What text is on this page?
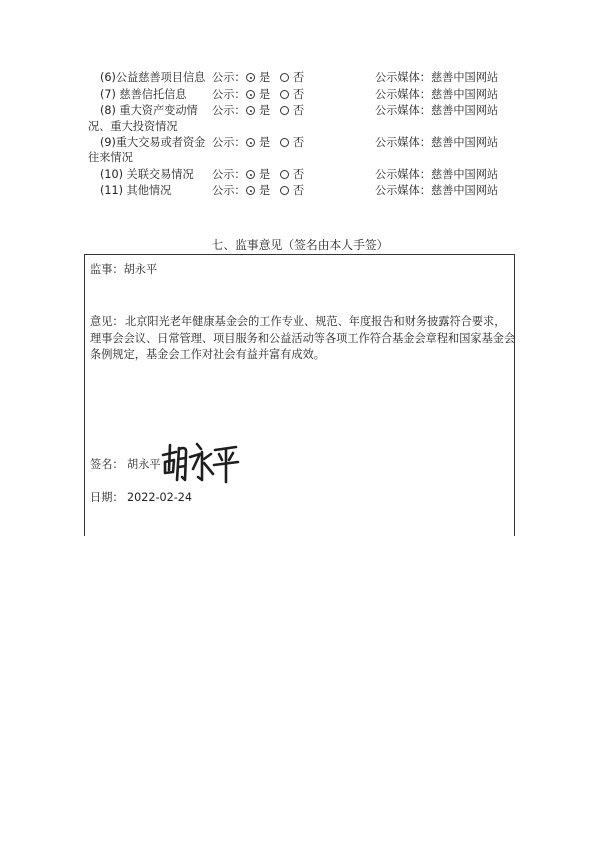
(6)公益慈善项目信息 公示： 是 否	公示媒体：慈善中国网站
(7) 慈善信托信息 公示： 是 否	公示媒体：慈善中国网站
(8) 重大资产变动情 公示： 是 否	公示媒体：慈善中国网站
况、重大投资情况
(9)重大交易或者资金 公示： 是 否	公示媒体：慈善中国网站
往来情况
(10) 关联交易情况 公示： 是 否	公示媒体：慈善中国网站
(11) 其他情况	公示： 是 否	公示媒体：慈善中国网站
七、监事意见（签名由本人手签）
监事：胡永平
意见： 北京阳光老年健康基金会的工作专业、规范、年度报告和财务披露符合要求，
理事会会议、日常管理、项目服务和公益活动等各项工作符合基金会章程和国家基金会
条例规定，基金会工作对社会有益并富有成效。
签名： 胡永平
日期： 2022-02-24
